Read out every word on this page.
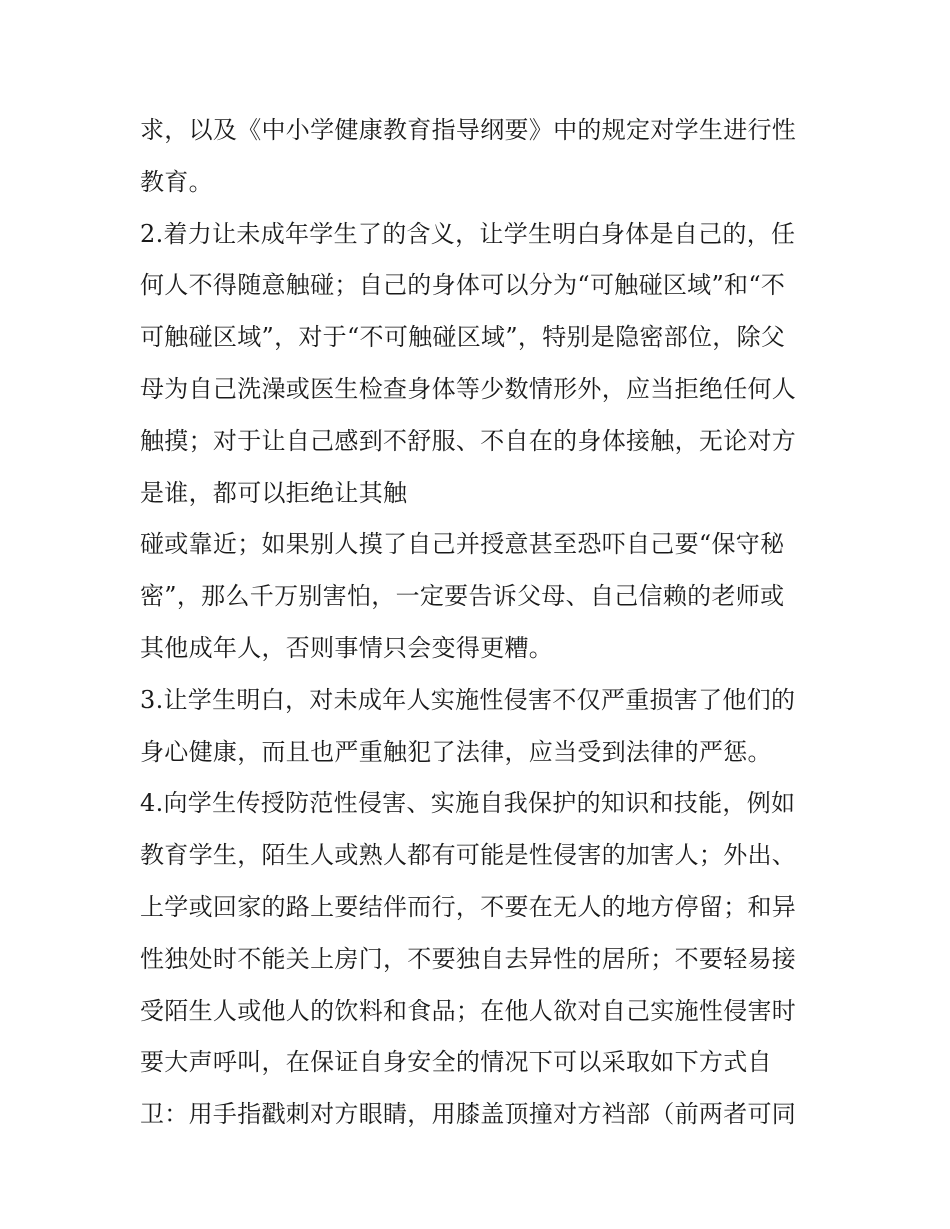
求，以及《中小学健康教育指导纲要》中的规定对学生进行性
教育。
2.着力让未成年学生了的含义，让学生明白身体是自己的，任
何人不得随意触碰；自己的身体可以分为“可触碰区域”和“不
可触碰区域”，对于“不可触碰区域”，特别是隐密部位，除父
母为自己洗澡或医生检查身体等少数情形外，应当拒绝任何人
触摸；对于让自己感到不舒服、不自在的身体接触，无论对方
是谁，都可以拒绝让其触
碰或靠近；如果别人摸了自己并授意甚至恐吓自己要“保守秘
密”，那么千万别害怕，一定要告诉父母、自己信赖的老师或
其他成年人，否则事情只会变得更糟。
3.让学生明白，对未成年人实施性侵害不仅严重损害了他们的
身心健康，而且也严重触犯了法律，应当受到法律的严惩。
4.向学生传授防范性侵害、实施自我保护的知识和技能，例如
教育学生，陌生人或熟人都有可能是性侵害的加害人；外出、
上学或回家的路上要结伴而行，不要在无人的地方停留；和异
性独处时不能关上房门，不要独自去异性的居所；不要轻易接
受陌生人或他人的饮料和食品；在他人欲对自己实施性侵害时
要大声呼叫，在保证自身安全的情况下可以采取如下方式自
卫：用手指戳刺对方眼睛，用膝盖顶撞对方裆部（前两者可同
